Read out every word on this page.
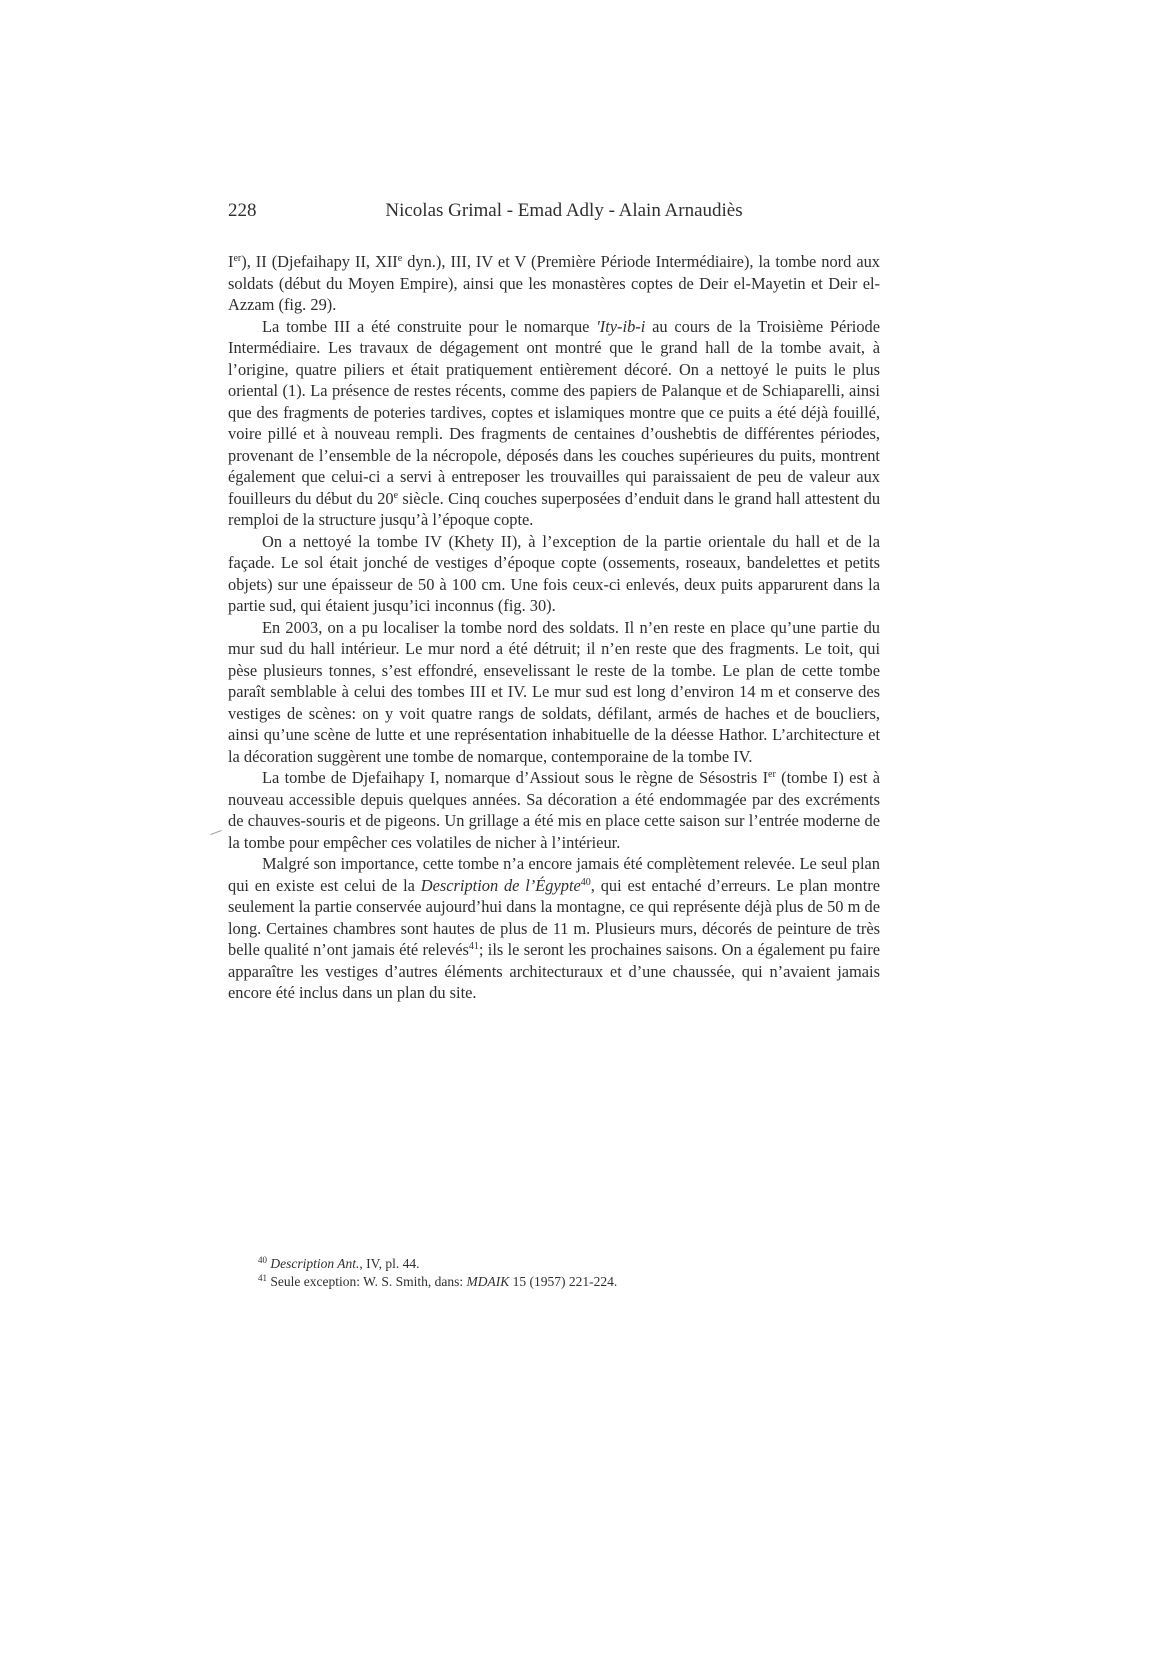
228	Nicolas Grimal - Emad Adly - Alain Arnaudiès

Ier), II (Djefaihapy II, XIIe dyn.), III, IV et V (Première Période Intermédiaire), la tombe nord aux soldats (début du Moyen Empire), ainsi que les monastères coptes de Deir el-Mayetin et Deir el-Azzam (fig. 29).

La tombe III a été construite pour le nomarque 'Ity-ib-i au cours de la Troisième Période Intermédiaire. Les travaux de dégagement ont montré que le grand hall de la tombe avait, à l’origine, quatre piliers et était pratiquement entièrement décoré. On a nettoyé le puits le plus oriental (1). La présence de restes récents, comme des papiers de Palanque et de Schiaparelli, ainsi que des fragments de poteries tardives, coptes et islamiques montre que ce puits a été déjà fouillé, voire pillé et à nouveau rempli. Des fragments de centaines d’oushebtis de différentes périodes, provenant de l’ensemble de la nécropole, déposés dans les couches supérieures du puits, montrent également que celui-ci a servi à entreposer les trouvailles qui paraissaient de peu de valeur aux fouilleurs du début du 20e siècle. Cinq couches superposées d’enduit dans le grand hall attestent du remploi de la structure jusqu’à l’époque copte.

On a nettoyé la tombe IV (Khety II), à l’exception de la partie orientale du hall et de la façade. Le sol était jonché de vestiges d’époque copte (ossements, roseaux, bandelettes et petits objets) sur une épaisseur de 50 à 100 cm. Une fois ceux-ci enlevés, deux puits apparurent dans la partie sud, qui étaient jusqu’ici inconnus (fig. 30).

En 2003, on a pu localiser la tombe nord des soldats. Il n’en reste en place qu’une partie du mur sud du hall intérieur. Le mur nord a été détruit; il n’en reste que des fragments. Le toit, qui pèse plusieurs tonnes, s’est effondré, ensevelissant le reste de la tombe. Le plan de cette tombe paraît semblable à celui des tombes III et IV. Le mur sud est long d’environ 14 m et conserve des vestiges de scènes: on y voit quatre rangs de soldats, défilant, armés de haches et de boucliers, ainsi qu’une scène de lutte et une représentation inhabituelle de la déesse Hathor. L’architecture et la décoration suggèrent une tombe de nomarque, contemporaine de la tombe IV.

La tombe de Djefaihapy I, nomarque d’Assiout sous le règne de Sésostris Ier (tombe I) est à nouveau accessible depuis quelques années. Sa décoration a été endommagée par des excréments de chauves-souris et de pigeons. Un grillage a été mis en place cette saison sur l’entrée moderne de la tombe pour empêcher ces volatiles de nicher à l’intérieur.

Malgré son importance, cette tombe n’a encore jamais été complètement relevée. Le seul plan qui en existe est celui de la Description de l’Égypte$^{40}$, qui est entaché d’erreurs. Le plan montre seulement la partie conservée aujourd’hui dans la montagne, ce qui représente déjà plus de 50 m de long. Certaines chambres sont hautes de plus de 11 m. Plusieurs murs, décorés de peinture de très belle qualité n’ont jamais été relevés$^{41}$; ils le seront les prochaines saisons. On a également pu faire apparaître les vestiges d’autres éléments architecturaux et d’une chaussée, qui n’avaient jamais encore été inclus dans un plan du site.

$^{40}$ Description Ant., IV, pl. 44.

$^{41}$ Seule exception: W. S. Smith, dans: MDAIK 15 (1957) 221-224.
